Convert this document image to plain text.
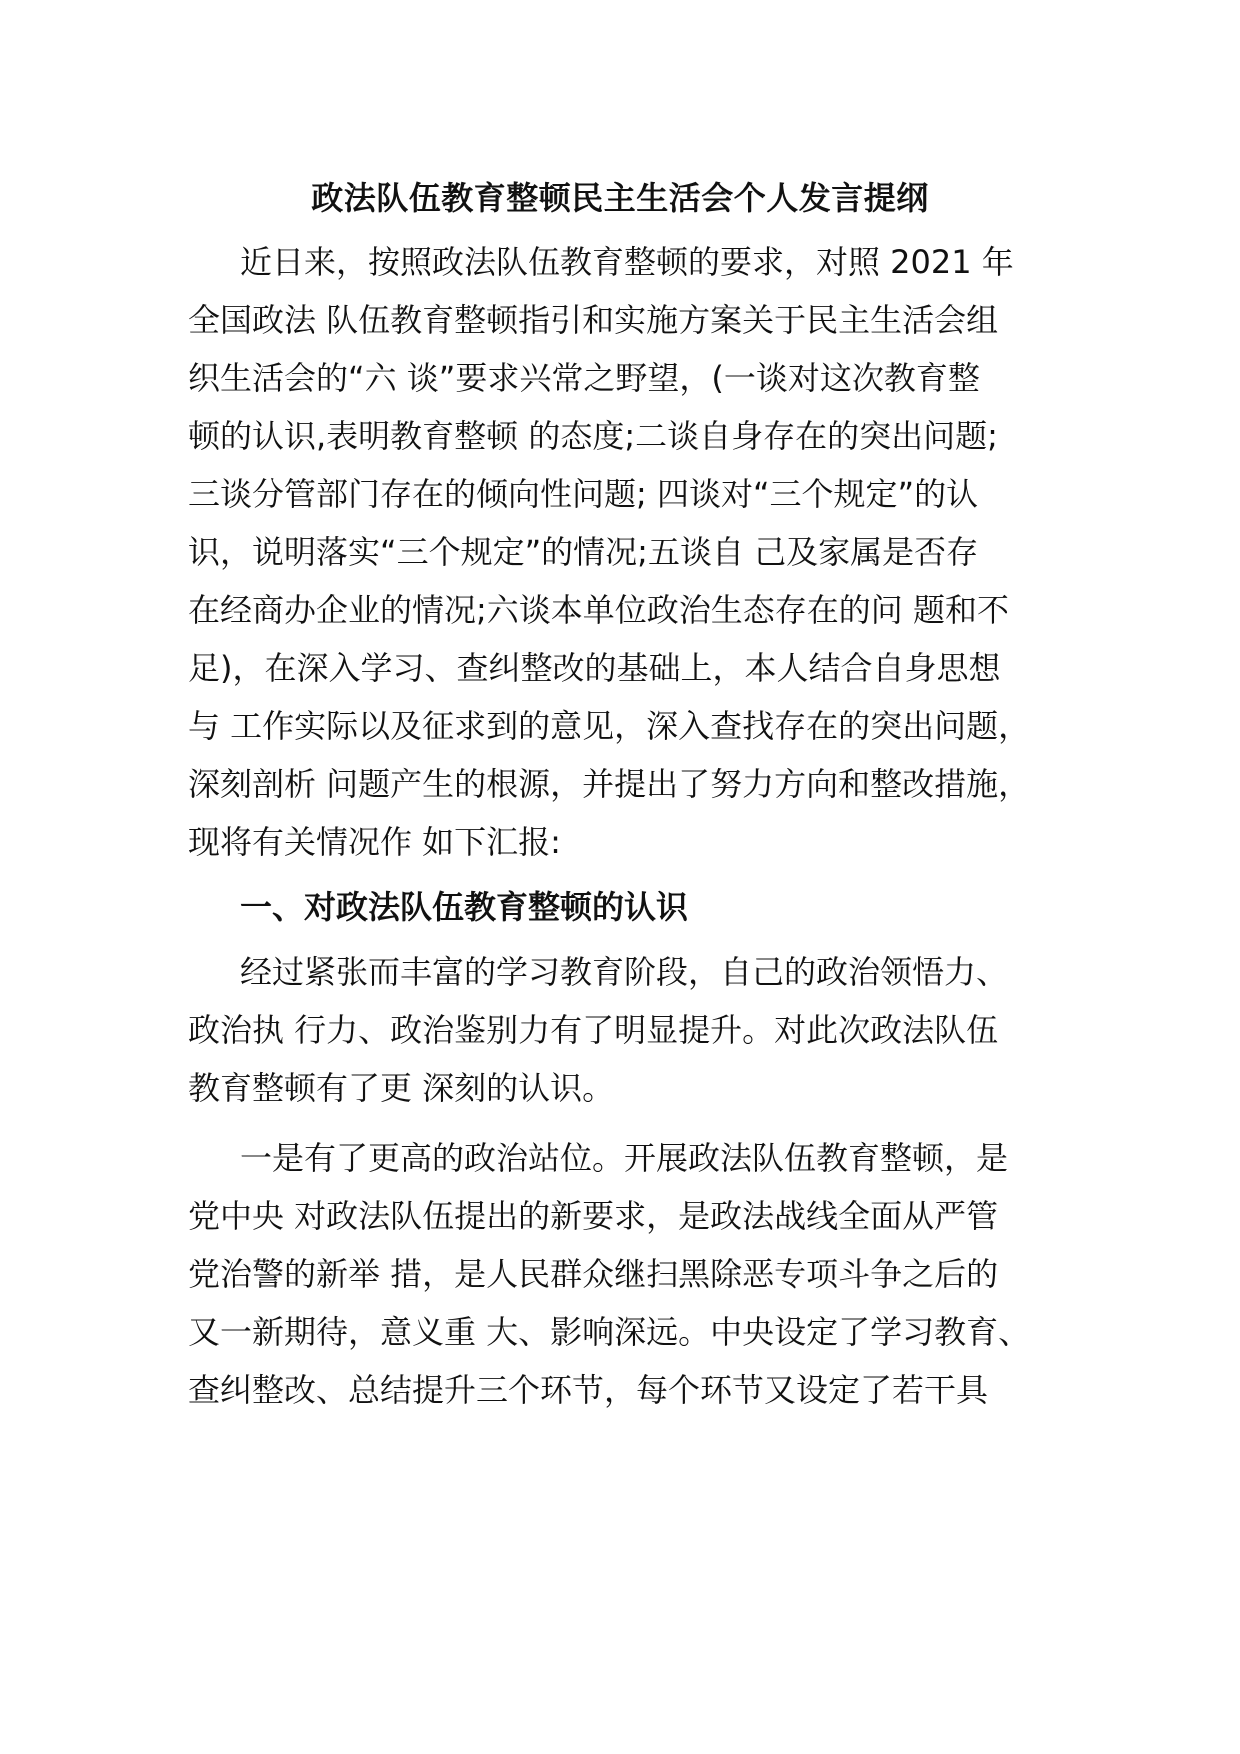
政法队伍教育整顿民主生活会个人发言提纲
近日来，按照政法队伍教育整顿的要求，对照 2021 年
全国政法 队伍教育整顿指引和实施方案关于民主生活会组
织生活会的“六 谈”要求兴常之野望，(一谈对这次教育整
顿的认识,表明教育整顿 的态度;二谈自身存在的突出问题;
三谈分管部门存在的倾向性问题; 四谈对“三个规定”的认
识，说明落实“三个规定”的情况;五谈自 己及家属是否存
在经商办企业的情况;六谈本单位政治生态存在的问 题和不
足)，在深入学习、查纠整改的基础上，本人结合自身思想
与 工作实际以及征求到的意见，深入查找存在的突出问题，
深刻剖析 问题产生的根源，并提出了努力方向和整改措施，
现将有关情况作 如下汇报:
一、对政法队伍教育整顿的认识
经过紧张而丰富的学习教育阶段，自己的政治领悟力、
政治执 行力、政治鉴别力有了明显提升。对此次政法队伍
教育整顿有了更 深刻的认识。
一是有了更高的政治站位。开展政法队伍教育整顿，是
党中央 对政法队伍提出的新要求，是政法战线全面从严管
党治警的新举 措，是人民群众继扫黑除恶专项斗争之后的
又一新期待，意义重 大、影响深远。中央设定了学习教育、
查纠整改、总结提升三个环节，每个环节又设定了若干具
